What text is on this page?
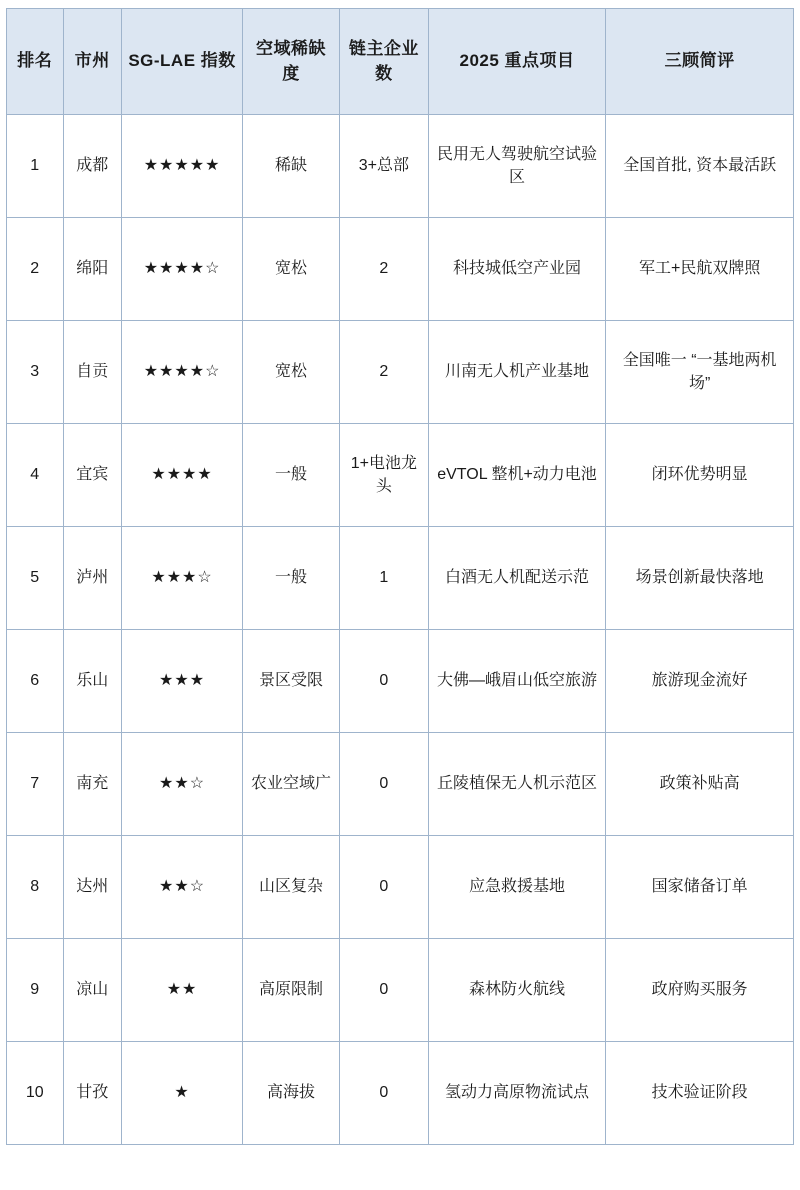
排名	市州	SG-LAE 指数	空域稀缺度	链主企业数	2025 重点项目	三顾简评
1	成都	★★★★★	稀缺	3+总部	民用无人驾驶航空试验区	全国首批, 资本最活跃
2	绵阳	★★★★☆	宽松	2	科技城低空产业园	军工+民航双牌照
3	自贡	★★★★☆	宽松	2	川南无人机产业基地	全国唯一 “一基地两机场”
4	宜宾	★★★★	一般	1+电池龙头	eVTOL 整机+动力电池	闭环优势明显
5	泸州	★★★☆	一般	1	白酒无人机配送示范	场景创新最快落地
6	乐山	★★★	景区受限	0	大佛—峨眉山低空旅游	旅游现金流好
7	南充	★★☆	农业空域广	0	丘陵植保无人机示范区	政策补贴高
8	达州	★★☆	山区复杂	0	应急救援基地	国家储备订单
9	凉山	★★	高原限制	0	森林防火航线	政府购买服务
10	甘孜	★	高海拔	0	氢动力高原物流试点	技术验证阶段
